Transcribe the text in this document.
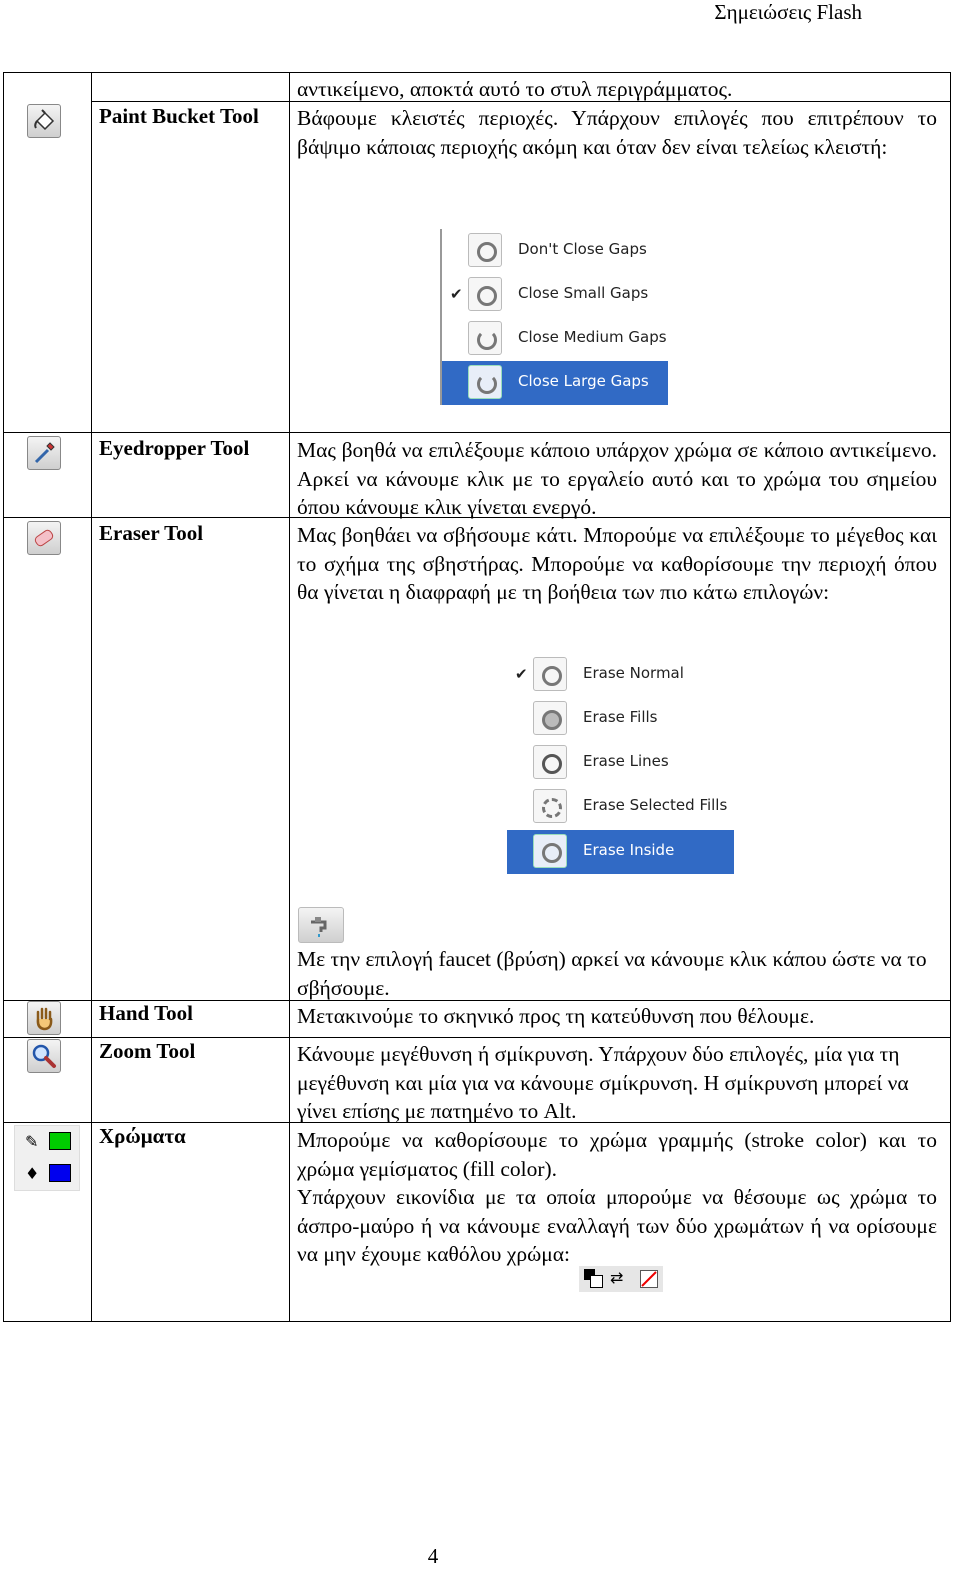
Σημειώσεις Flash
αντικείμενο, αποκτά αυτό το στυλ περιγράμματος.
Paint Bucket Tool Βάφουμε κλειστές περιοχές. Υπάρχουν επιλογές που επιτρέπουν το βάψιμο κάποιας περιοχής ακόμη και όταν δεν είναι τελείως κλειστή:
Don't Close Gaps
✔	Close Small Gaps
Close Medium Gaps
Close Large Gaps
Eyedropper Tool Μας βοηθά να επιλέξουμε κάποιο υπάρχον χρώμα σε κάποιο αντικείμενο. Αρκεί να κάνουμε κλικ με το εργαλείο αυτό και το χρώμα του σημείου όπου κάνουμε κλικ γίνεται ενεργό.
Eraser Tool	Μας βοηθάει να σβήσουμε κάτι. Μπορούμε να επιλέξουμε το μέγεθος και το σχήμα της σβηστήρας. Μπορούμε να καθορίσουμε την περιοχή όπου θα γίνεται η διαφραφή με τη βοήθεια των πιο κάτω επιλογών:
✔	Erase Normal
Erase Fills
Erase Lines
Erase Selected Fills
Erase Inside
Με την επιλογή faucet (βρύση) αρκεί να κάνουμε κλικ κάπου ώστε να το σβήσουμε.
Hand Tool	Μετακινούμε το σκηνικό προς τη κατεύθυνση που θέλουμε.
Zoom Tool	Κάνουμε μεγέθυνση ή σμίκρυνση. Υπάρχουν δύο επιλογές, μία για τη μεγέθυνση και μία για να κάνουμε σμίκρυνση. Η σμίκρυνση μπορεί να γίνει επίσης με πατημένο το Alt.
✎
♦
Χρώματα	Μπορούμε να καθορίσουμε το χρώμα γραμμής (stroke color) και το χρώμα γεμίσματος (fill color).
Υπάρχουν εικονίδια με τα οποία μπορούμε να θέσουμε ως χρώμα το άσπρο-μαύρο ή να κάνουμε εναλλαγή των δύο χρωμάτων ή να ορίσουμε να μην έχουμε καθόλου χρώμα:
⇄
4
